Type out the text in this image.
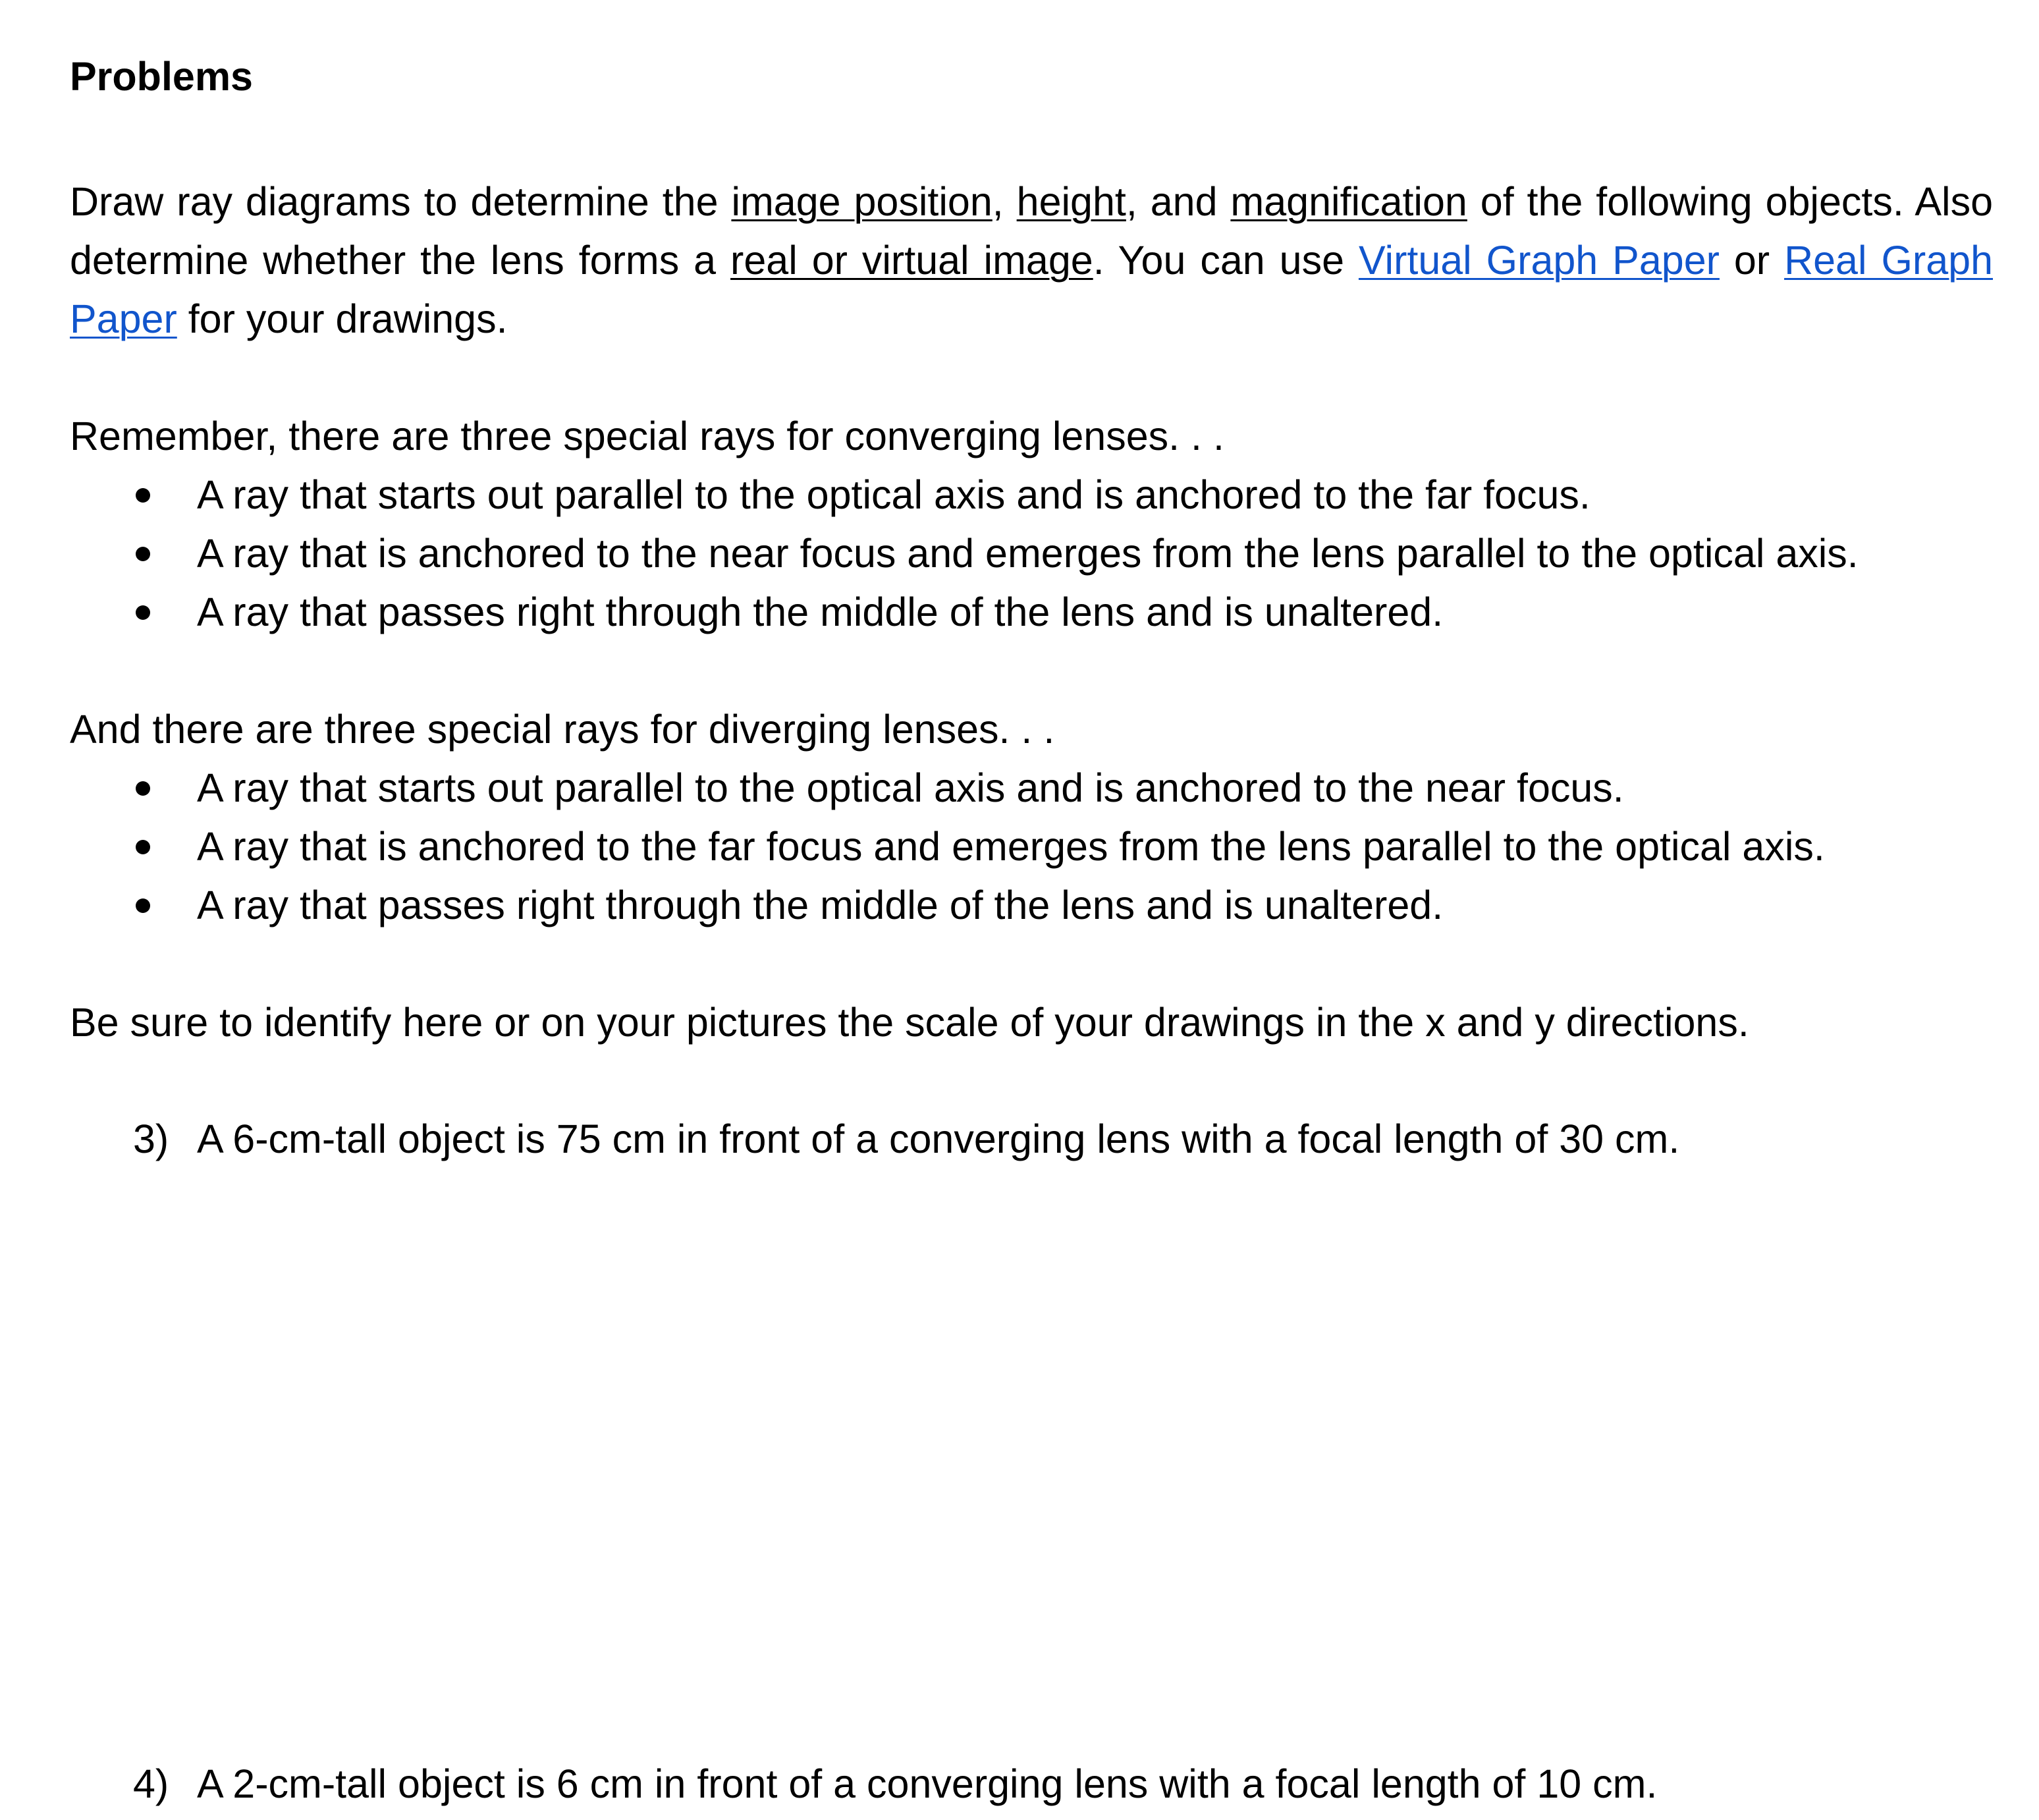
Problems
Draw ray diagrams to determine the image position, height, and magnification of the following objects. Also determine whether the lens forms a real or virtual image. You can use Virtual Graph Paper or Real Graph Paper for your drawings.
Remember, there are three special rays for converging lenses. . .
A ray that starts out parallel to the optical axis and is anchored to the far focus.
A ray that is anchored to the near focus and emerges from the lens parallel to the optical axis.
A ray that passes right through the middle of the lens and is unaltered.
And there are three special rays for diverging lenses. . .
A ray that starts out parallel to the optical axis and is anchored to the near focus.
A ray that is anchored to the far focus and emerges from the lens parallel to the optical axis.
A ray that passes right through the middle of the lens and is unaltered.
Be sure to identify here or on your pictures the scale of your drawings in the x and y directions.
3) A 6-cm-tall object is 75 cm in front of a converging lens with a focal length of 30 cm.
4) A 2-cm-tall object is 6 cm in front of a converging lens with a focal length of 10 cm.
